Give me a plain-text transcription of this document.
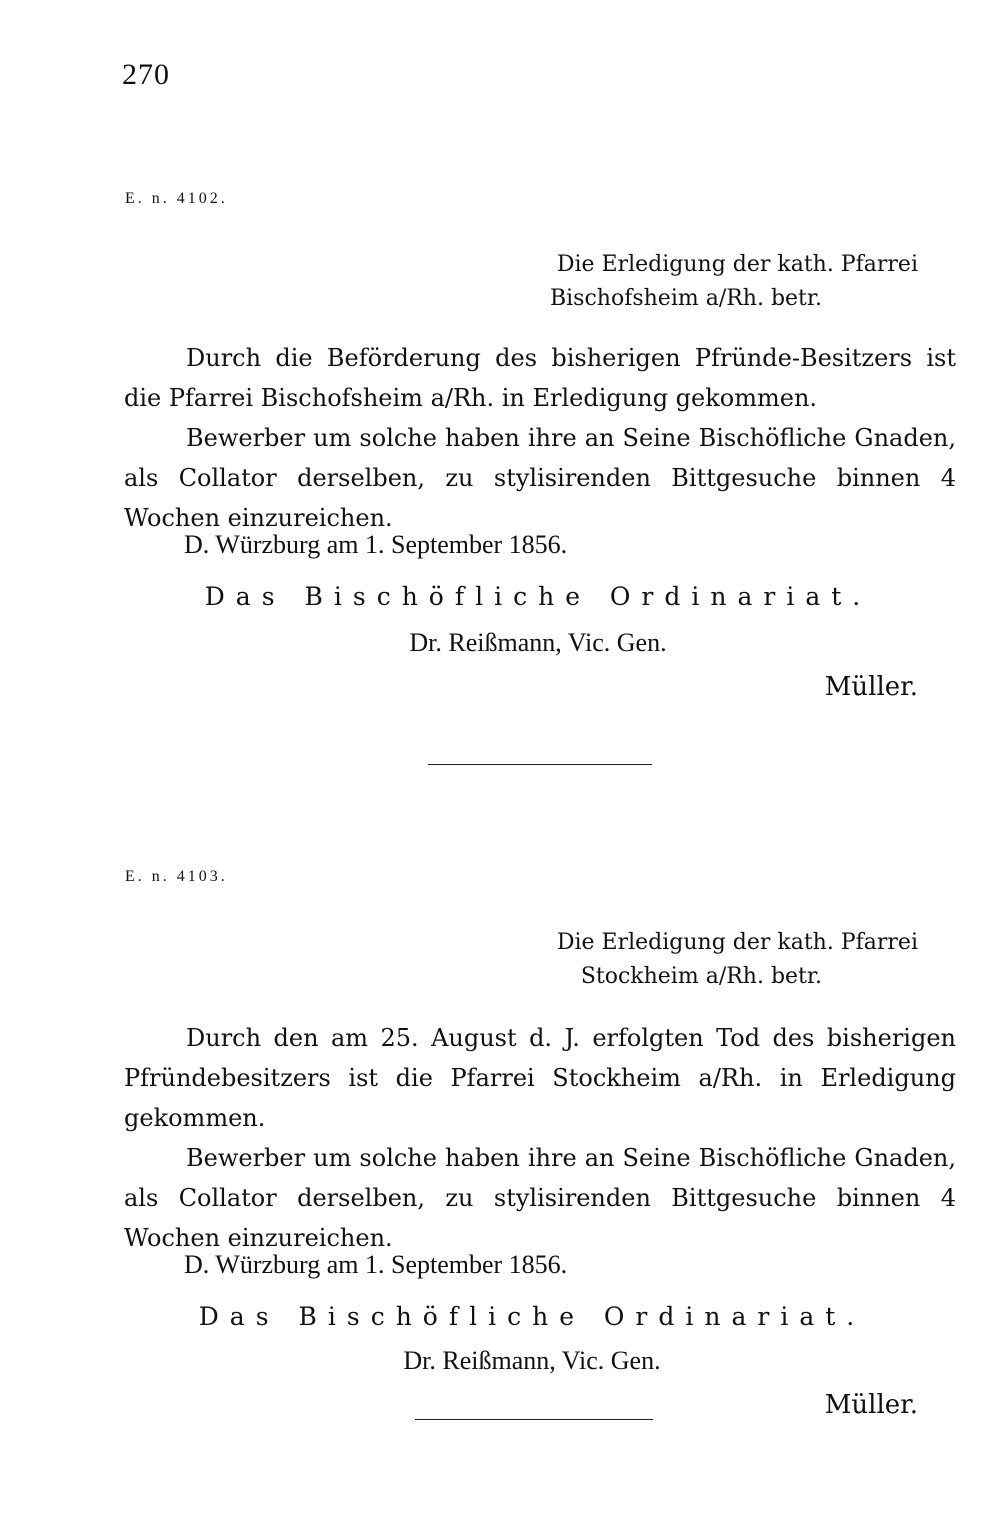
270
E. n. 4102.
Die Erledigung der kath. Pfarrei
Bischofsheim a/Rh. betr.

Durch die Beförderung des bisherigen Pfründe-Besitzers ist die Pfarrei Bischofsheim a/Rh. in Erledigung gekommen.

Bewerber um solche haben ihre an Seine Bischöfliche Gnaden, als Collator derselben, zu stylisirenden Bittgesuche binnen 4 Wochen einzureichen.

D. Würzburg am 1. September 1856.
Das Bischöfliche Ordinariat.
Dr. Reißmann, Vic. Gen.
Müller.
E. n. 4103.
Die Erledigung der kath. Pfarrei
Stockheim a/Rh. betr.

Durch den am 25. August d. J. erfolgten Tod des bisherigen Pfründebesitzers ist die Pfarrei Stockheim a/Rh. in Erledigung gekommen.

Bewerber um solche haben ihre an Seine Bischöfliche Gnaden, als Collator derselben, zu stylisirenden Bittgesuche binnen 4 Wochen einzureichen.

D. Würzburg am 1. September 1856.
Das Bischöfliche Ordinariat.
Dr. Reißmann, Vic. Gen.
Müller.
